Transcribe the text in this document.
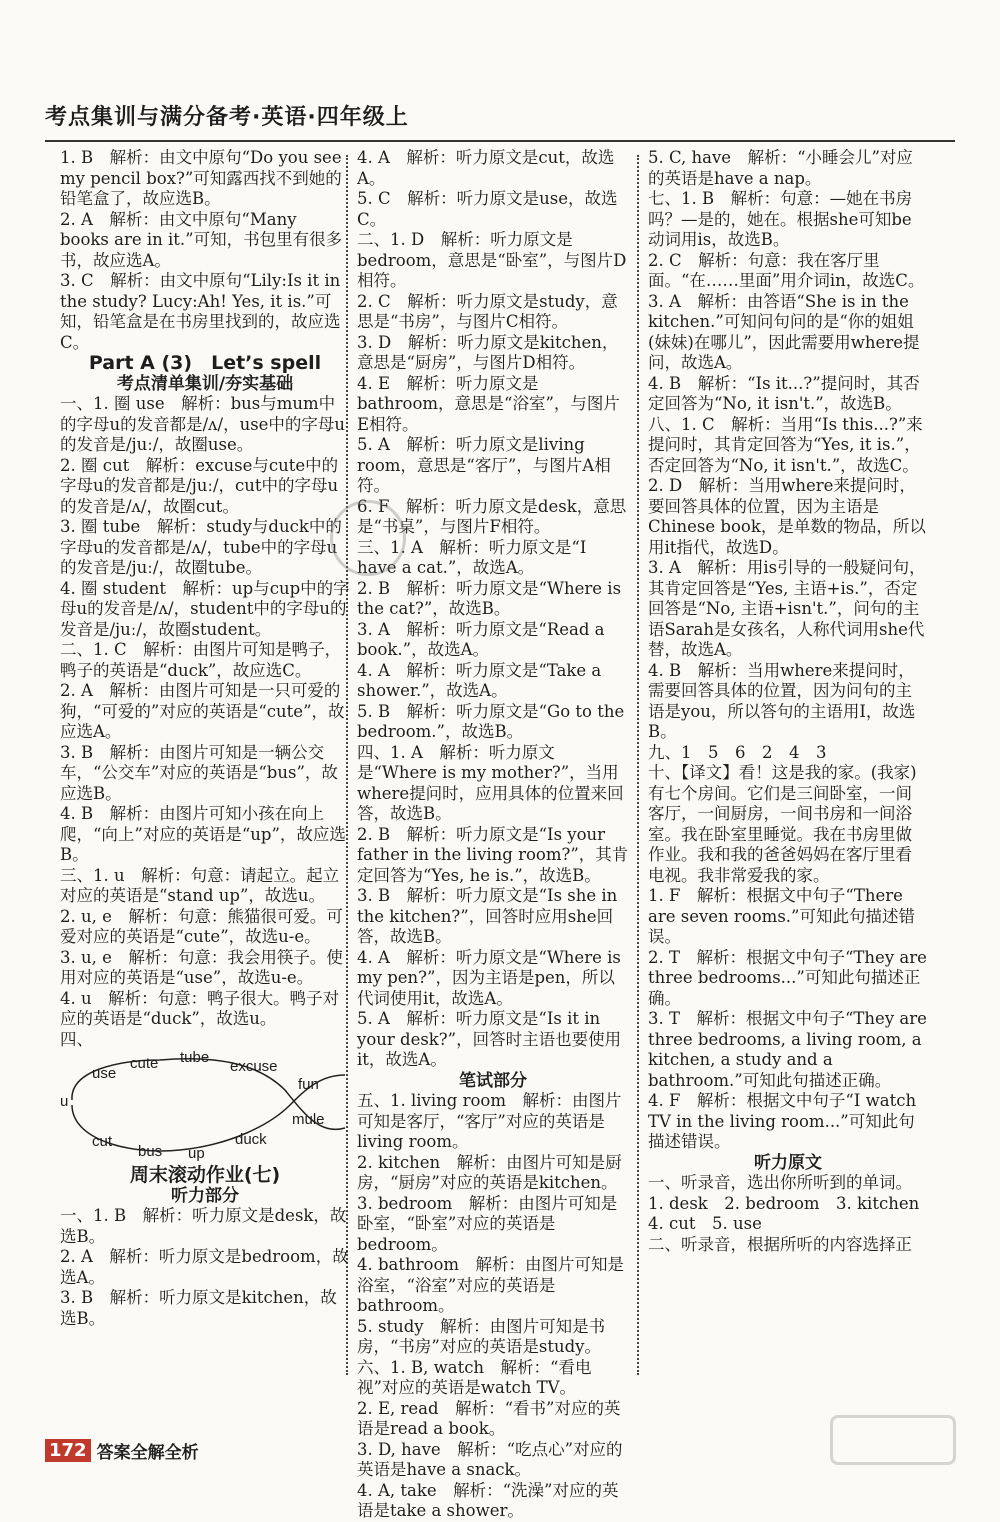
考点集训与满分备考·英语·四年级上

1. B　解析：由文中原句“Do you see my pencil box?”可知露西找不到她的铅笔盒了，故应选B。

2. A　解析：由文中原句“Many books are in it.”可知，书包里有很多书，故应选A。

3. C　解析：由文中原句“Lily:Is it in the study? Lucy:Ah! Yes, it is.”可知，铅笔盒是在书房里找到的，故应选C。

Part A (3)　Let’s spell

考点清单集训/夯实基础

一、1. 圈 use　解析：bus与mum中的字母u的发音都是/ʌ/，use中的字母u的发音是/juː/，故圈use。

2. 圈 cut　解析：excuse与cute中的字母u的发音都是/juː/，cut中的字母u的发音是/ʌ/，故圈cut。

3. 圈 tube　解析：study与duck中的字母u的发音都是/ʌ/，tube中的字母u的发音是/juː/，故圈tube。

4. 圈 student　解析：up与cup中的字母u的发音是/ʌ/，student中的字母u的发音是/juː/，故圈student。

二、1. C　解析：由图片可知是鸭子，鸭子的英语是“duck”，故应选C。

2. A　解析：由图片可知是一只可爱的狗，“可爱的”对应的英语是“cute”，故应选A。

3. B　解析：由图片可知是一辆公交车，“公交车”对应的英语是“bus”，故应选B。

4. B　解析：由图片可知小孩在向上爬，“向上”对应的英语是“up”，故应选B。

三、1. u　解析：句意：请起立。起立对应的英语是“stand up”，故选u。

2. u, e　解析：句意：熊猫很可爱。可爱对应的英语是“cute”，故选u-e。

3. u, e　解析：句意：我会用筷子。使用对应的英语是“use”，故选u-e。

4. u　解析：句意：鸭子很大。鸭子对应的英语是“duck”，故选u。

四、

use
cute tube
excuse
fun
u
mule
cut
bus up
duck

周末滚动作业(七)

听力部分

一、1. B　解析：听力原文是desk，故选B。

2. A　解析：听力原文是bedroom，故选A。

3. B　解析：听力原文是kitchen，故选B。

4. A　解析：听力原文是cut，故选A。

5. C　解析：听力原文是use，故选C。

二、1. D　解析：听力原文是bedroom，意思是“卧室”，与图片D相符。

2. C　解析：听力原文是study，意思是“书房”，与图片C相符。

3. D　解析：听力原文是kitchen，意思是“厨房”，与图片D相符。

4. E　解析：听力原文是bathroom，意思是“浴室”，与图片E相符。

5. A　解析：听力原文是living room，意思是“客厅”，与图片A相符。

6. F　解析：听力原文是desk，意思是“书桌”，与图片F相符。

三、1. A　解析：听力原文是“I have a cat.”，故选A。

2. B　解析：听力原文是“Where is the cat?”，故选B。

3. A　解析：听力原文是“Read a book.”，故选A。

4. A　解析：听力原文是“Take a shower.”，故选A。

5. B　解析：听力原文是“Go to the bedroom.”，故选B。

四、1. A　解析：听力原文是“Where is my mother?”，当用where提问时，应用具体的位置来回答，故选B。

2. B　解析：听力原文是“Is your father in the living room?”，其肯定回答为“Yes, he is.”，故选B。

3. B　解析：听力原文是“Is she in the kitchen?”，回答时应用she回答，故选B。

4. A　解析：听力原文是“Where is my pen?”，因为主语是pen，所以代词使用it，故选A。

5. A　解析：听力原文是“Is it in your desk?”，回答时主语也要使用it，故选A。

笔试部分

五、1. living room　解析：由图片可知是客厅，“客厅”对应的英语是living room。

2. kitchen　解析：由图片可知是厨房，“厨房”对应的英语是kitchen。

3. bedroom　解析：由图片可知是卧室，“卧室”对应的英语是bedroom。

4. bathroom　解析：由图片可知是浴室，“浴室”对应的英语是bathroom。

5. study　解析：由图片可知是书房，“书房”对应的英语是study。

六、1. B, watch　解析：“看电视”对应的英语是watch TV。

2. E, read　解析：“看书”对应的英语是read a book。

3. D, have　解析：“吃点心”对应的英语是have a snack。

4. A, take　解析：“洗澡”对应的英语是take a shower。

5. C, have　解析：“小睡会儿”对应的英语是have a nap。

七、1. B　解析：句意：—她在书房吗？—是的，她在。根据she可知be动词用is，故选B。

2. C　解析：句意：我在客厅里面。“在……里面”用介词in，故选C。

3. A　解析：由答语“She is in the kitchen.”可知问句问的是“你的姐姐(妹妹)在哪儿”，因此需要用where提问，故选A。

4. B　解析：“Is it...?”提问时，其否定回答为“No, it isn't.”，故选B。

八、1. C　解析：当用“Is this...?”来提问时，其肯定回答为“Yes, it is.”，否定回答为“No, it isn't.”，故选C。

2. D　解析：当用where来提问时，要回答具体的位置，因为主语是Chinese book，是单数的物品，所以用it指代，故选D。

3. A　解析：用is引导的一般疑问句，其肯定回答是“Yes, 主语+is.”，否定回答是“No, 主语+isn't.”，问句的主语Sarah是女孩名，人称代词用she代替，故选A。

4. B　解析：当用where来提问时，需要回答具体的位置，因为问句的主语是you，所以答句的主语用I，故选B。

九、1　5　6　2　4　3

十、【译文】看！这是我的家。(我家)有七个房间。它们是三间卧室，一间客厅，一间厨房，一间书房和一间浴室。我在卧室里睡觉。我在书房里做作业。我和我的爸爸妈妈在客厅里看电视。我非常爱我的家。

1. F　解析：根据文中句子“There are seven rooms.”可知此句描述错误。

2. T　解析：根据文中句子“They are three bedrooms...”可知此句描述正确。

3. T　解析：根据文中句子“They are three bedrooms, a living room, a kitchen, a study and a bathroom.”可知此句描述正确。

4. F　解析：根据文中句子“I watch TV in the living room...”可知此句描述错误。

听力原文

一、听录音，选出你所听到的单词。

1. desk　2. bedroom　3. kitchen

4. cut　5. use

二、听录音，根据所听的内容选择正

172 答案全解全析
